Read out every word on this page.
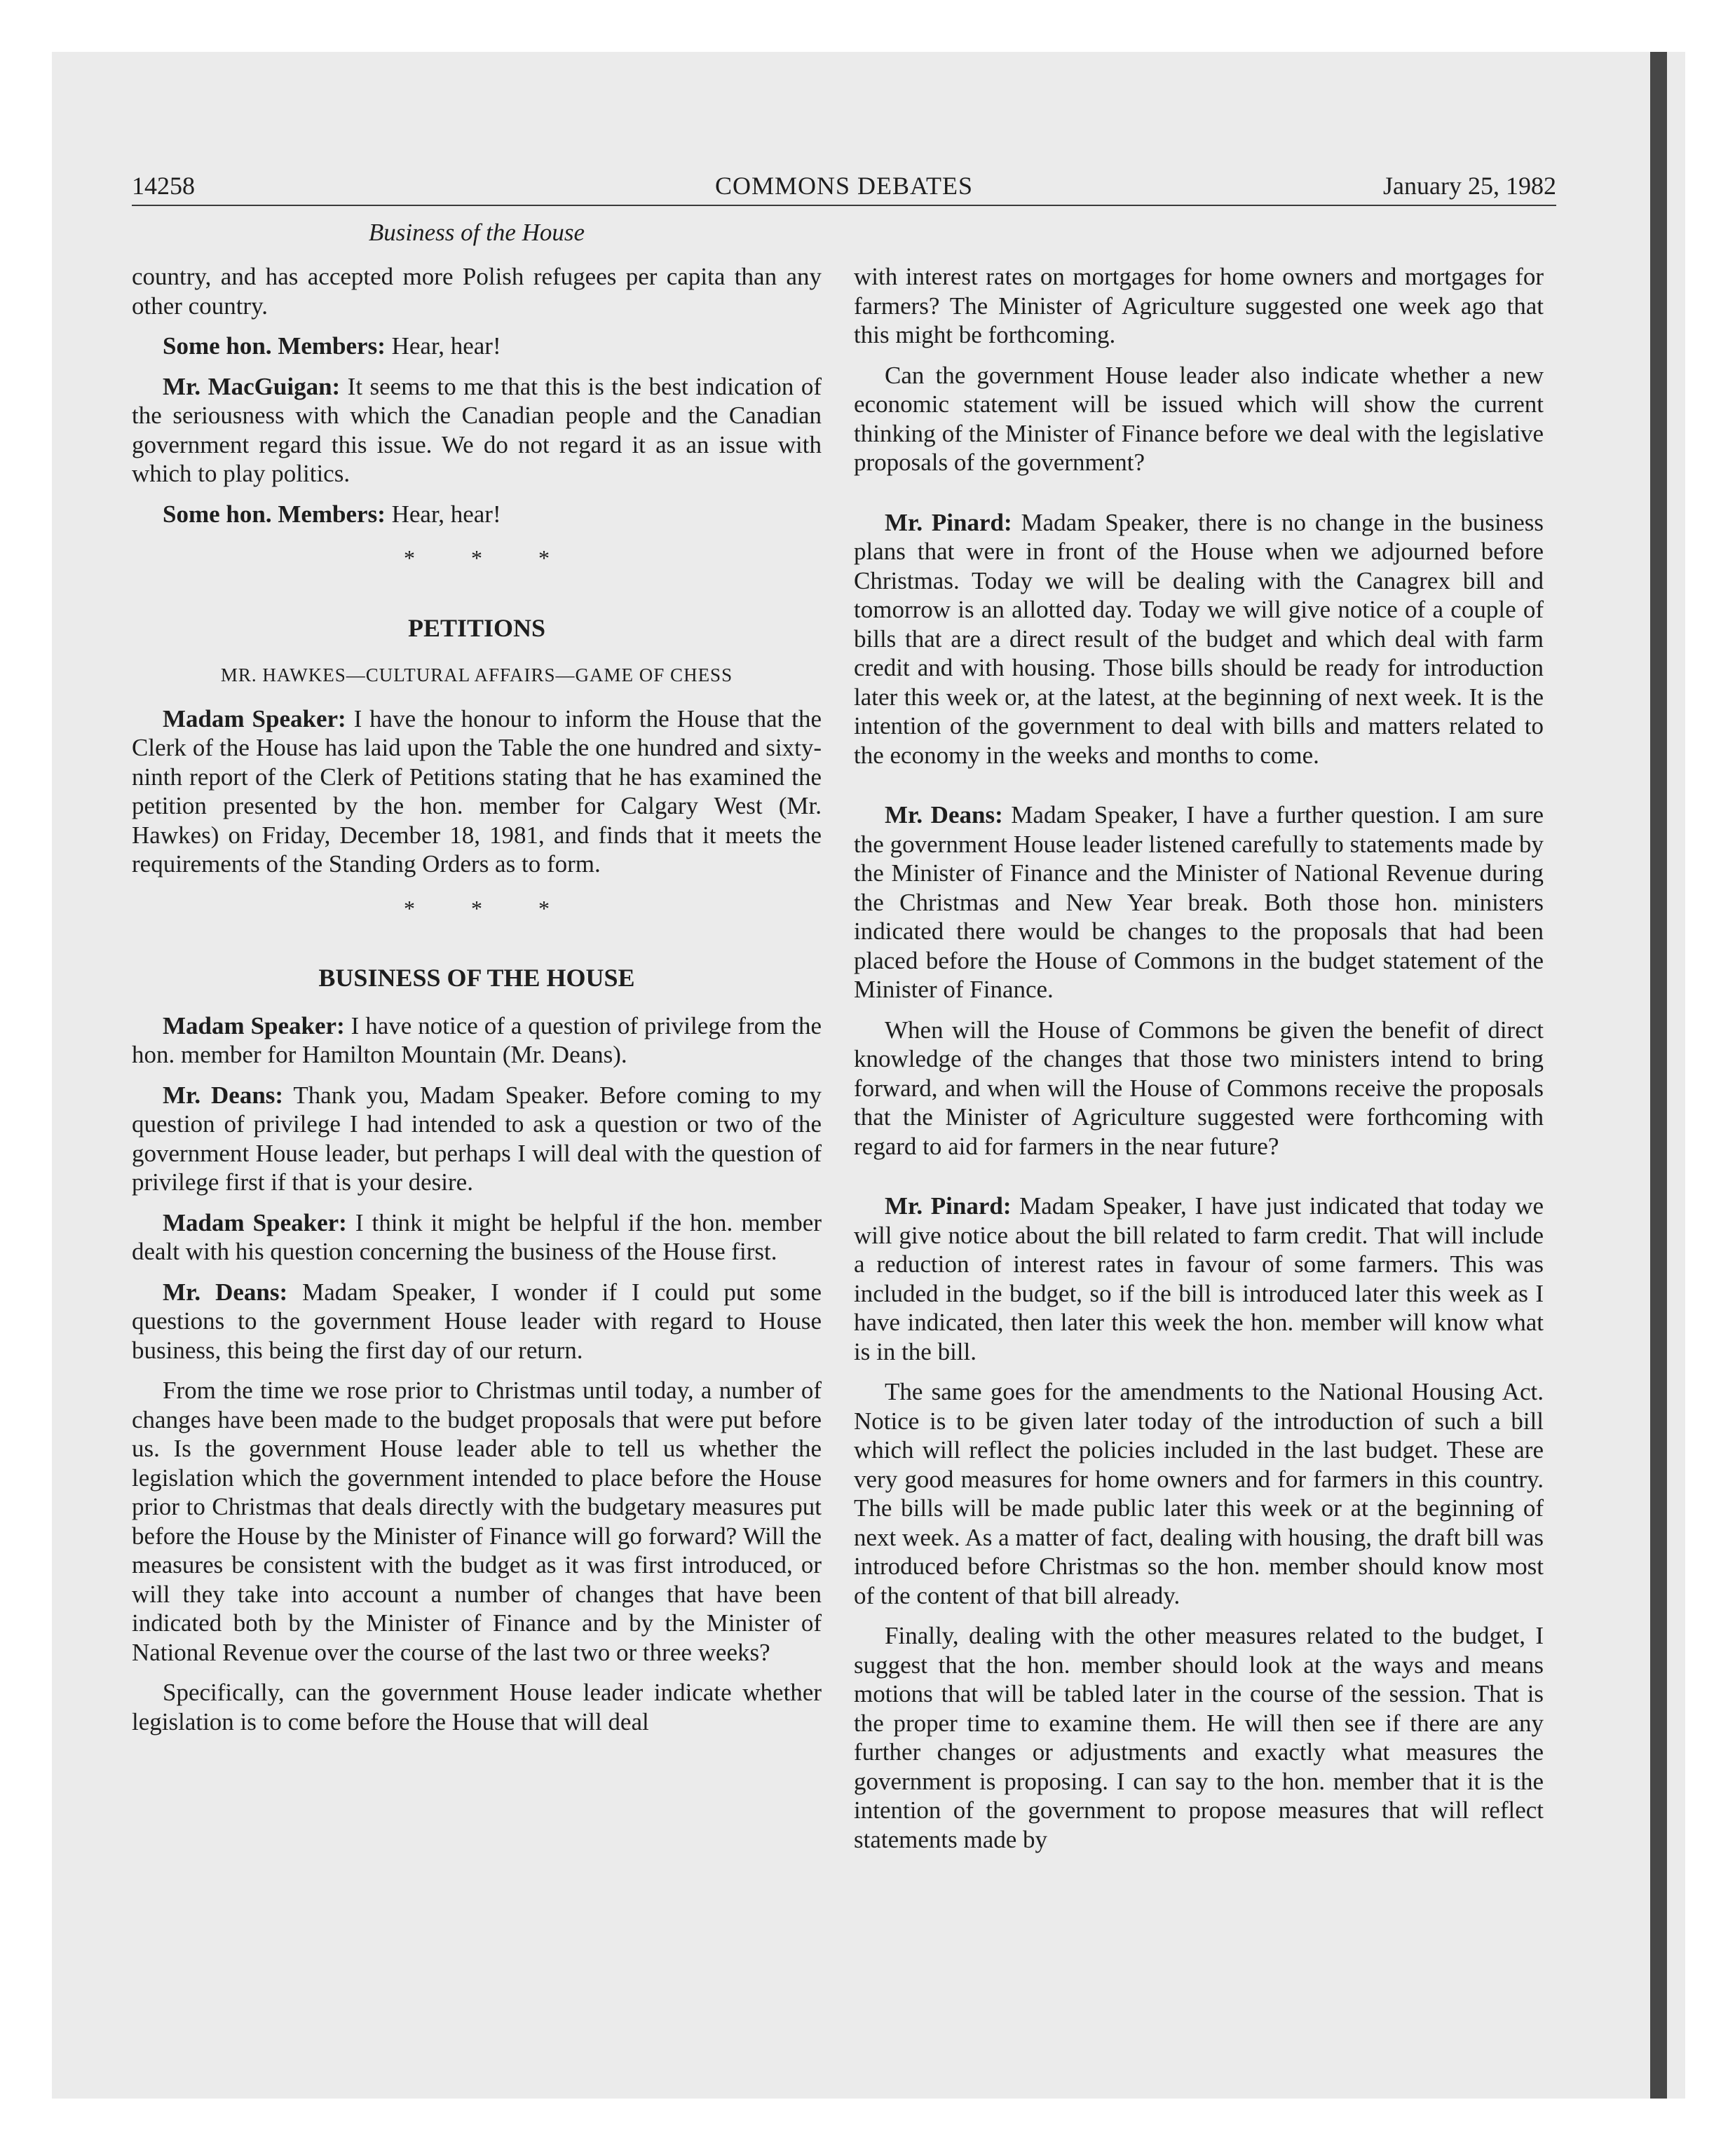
14258	COMMONS DEBATES	January 25, 1982
Business of the House

country, and has accepted more Polish refugees per capita than any other country.

Some hon. Members: Hear, hear!

Mr. MacGuigan: It seems to me that this is the best indication of the seriousness with which the Canadian people and the Canadian government regard this issue. We do not regard it as an issue with which to play politics.

Some hon. Members: Hear, hear!

* * *
PETITIONS
MR. HAWKES—CULTURAL AFFAIRS—GAME OF CHESS

Madam Speaker: I have the honour to inform the House that the Clerk of the House has laid upon the Table the one hundred and sixty-ninth report of the Clerk of Petitions stating that he has examined the petition presented by the hon. member for Calgary West (Mr. Hawkes) on Friday, December 18, 1981, and finds that it meets the requirements of the Standing Orders as to form.

* * *
BUSINESS OF THE HOUSE

Madam Speaker: I have notice of a question of privilege from the hon. member for Hamilton Mountain (Mr. Deans).

Mr. Deans: Thank you, Madam Speaker. Before coming to my question of privilege I had intended to ask a question or two of the government House leader, but perhaps I will deal with the question of privilege first if that is your desire.

Madam Speaker: I think it might be helpful if the hon. member dealt with his question concerning the business of the House first.

Mr. Deans: Madam Speaker, I wonder if I could put some questions to the government House leader with regard to House business, this being the first day of our return.

From the time we rose prior to Christmas until today, a number of changes have been made to the budget proposals that were put before us. Is the government House leader able to tell us whether the legislation which the government intended to place before the House prior to Christmas that deals directly with the budgetary measures put before the House by the Minister of Finance will go forward? Will the measures be consistent with the budget as it was first introduced, or will they take into account a number of changes that have been indicated both by the Minister of Finance and by the Minister of National Revenue over the course of the last two or three weeks?

Specifically, can the government House leader indicate whether legislation is to come before the House that will deal

with interest rates on mortgages for home owners and mortgages for farmers? The Minister of Agriculture suggested one week ago that this might be forthcoming.

Can the government House leader also indicate whether a new economic statement will be issued which will show the current thinking of the Minister of Finance before we deal with the legislative proposals of the government?

Mr. Pinard: Madam Speaker, there is no change in the business plans that were in front of the House when we adjourned before Christmas. Today we will be dealing with the Canagrex bill and tomorrow is an allotted day. Today we will give notice of a couple of bills that are a direct result of the budget and which deal with farm credit and with housing. Those bills should be ready for introduction later this week or, at the latest, at the beginning of next week. It is the intention of the government to deal with bills and matters related to the economy in the weeks and months to come.

Mr. Deans: Madam Speaker, I have a further question. I am sure the government House leader listened carefully to statements made by the Minister of Finance and the Minister of National Revenue during the Christmas and New Year break. Both those hon. ministers indicated there would be changes to the proposals that had been placed before the House of Commons in the budget statement of the Minister of Finance.

When will the House of Commons be given the benefit of direct knowledge of the changes that those two ministers intend to bring forward, and when will the House of Commons receive the proposals that the Minister of Agriculture suggested were forthcoming with regard to aid for farmers in the near future?

Mr. Pinard: Madam Speaker, I have just indicated that today we will give notice about the bill related to farm credit. That will include a reduction of interest rates in favour of some farmers. This was included in the budget, so if the bill is introduced later this week as I have indicated, then later this week the hon. member will know what is in the bill.

The same goes for the amendments to the National Housing Act. Notice is to be given later today of the introduction of such a bill which will reflect the policies included in the last budget. These are very good measures for home owners and for farmers in this country. The bills will be made public later this week or at the beginning of next week. As a matter of fact, dealing with housing, the draft bill was introduced before Christmas so the hon. member should know most of the content of that bill already.

Finally, dealing with the other measures related to the budget, I suggest that the hon. member should look at the ways and means motions that will be tabled later in the course of the session. That is the proper time to examine them. He will then see if there are any further changes or adjustments and exactly what measures the government is proposing. I can say to the hon. member that it is the intention of the government to propose measures that will reflect statements made by
